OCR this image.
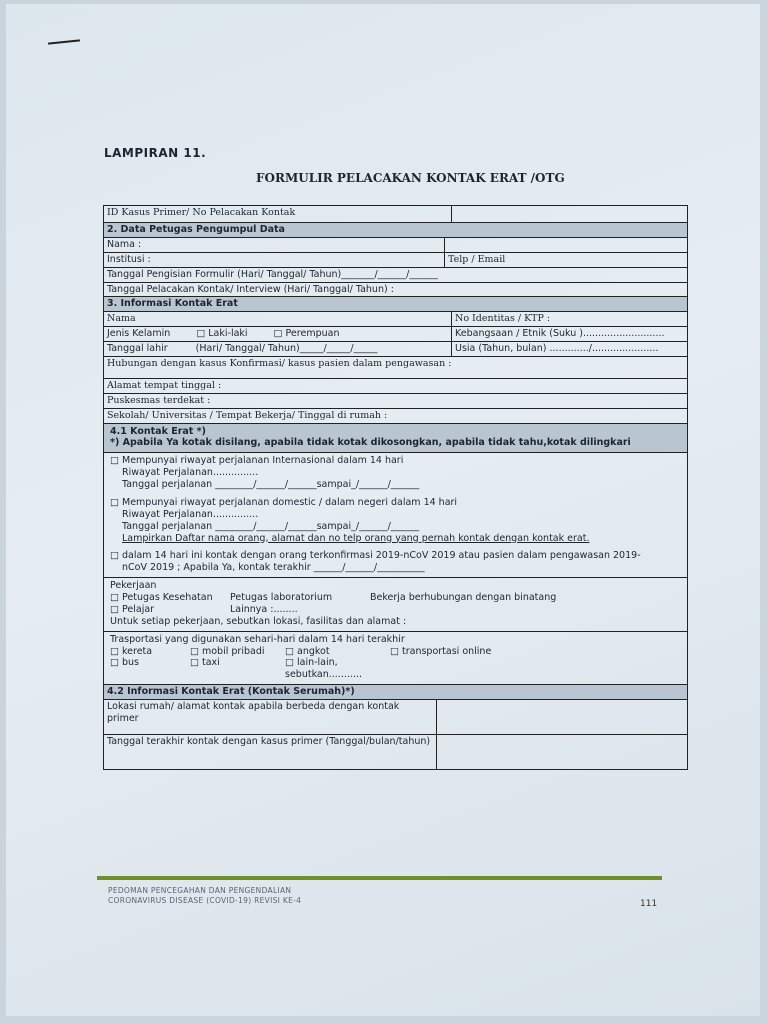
LAMPIRAN 11.
FORMULIR PELACAKAN KONTAK ERAT /OTG
ID Kasus Primer/ No Pelacakan Kontak
2. Data Petugas Pengumpul Data
Nama :
Institusi :	Telp / Email
Tanggal Pengisian Formulir (Hari/ Tanggal/ Tahun)_______/______/______
Tanggal Pelacakan Kontak/ Interview (Hari/ Tanggal/ Tahun) :
3. Informasi Kontak Erat
Nama	No Identitas / KTP :
Jenis Kelamin	□ Laki-laki	□ Perempuan	Kebangsaan / Etnik (Suku )...........................
Tanggal lahir	(Hari/ Tanggal/ Tahun)_____/_____/_____	Usia (Tahun, bulan) ............./......................
Hubungan dengan kasus Konfirmasi/ kasus pasien dalam pengawasan :
Alamat tempat tinggal :
Puskesmas terdekat :
Sekolah/ Universitas / Tempat Bekerja/ Tinggal di rumah :
4.1 Kontak Erat *)
*) Apabila Ya kotak disilang, apabila tidak kotak dikosongkan, apabila tidak tahu,kotak dilingkari
□ Mempunyai riwayat perjalanan Internasional dalam 14 hari
Riwayat Perjalanan...............
Tanggal perjalanan ________/______/______sampai_/______/______
□ Mempunyai riwayat perjalanan domestic / dalam negeri dalam 14 hari
Riwayat Perjalanan...............
Tanggal perjalanan ________/______/______sampai_/______/______
Lampirkan Daftar nama orang, alamat dan no telp orang yang pernah kontak dengan kontak erat.
□ dalam 14 hari ini kontak dengan orang terkonfirmasi 2019-nCoV 2019 atau pasien dalam pengawasan 2019-
nCoV 2019 ; Apabila Ya, kontak terakhir ______/______/__________
Pekerjaan
□ Petugas Kesehatan	Petugas laboratorium	Bekerja berhubungan dengan binatang
□ Pelajar	Lainnya :........
Untuk setiap pekerjaan, sebutkan lokasi, fasilitas dan alamat :
Trasportasi yang digunakan sehari-hari dalam 14 hari terakhir
□ kereta	□ mobil pribadi	□ angkot	□ transportasi online
□ bus	□ taxi	□ lain-lain, sebutkan...........
4.2 Informasi Kontak Erat (Kontak Serumah)*)
Lokasi rumah/ alamat kontak apabila berbeda dengan kontak primer
Tanggal terakhir kontak dengan kasus primer (Tanggal/bulan/tahun)
PEDOMAN PENCEGAHAN DAN PENGENDALIAN
CORONAVIRUS DISEASE (COVID-19) REVISI KE-4	111
